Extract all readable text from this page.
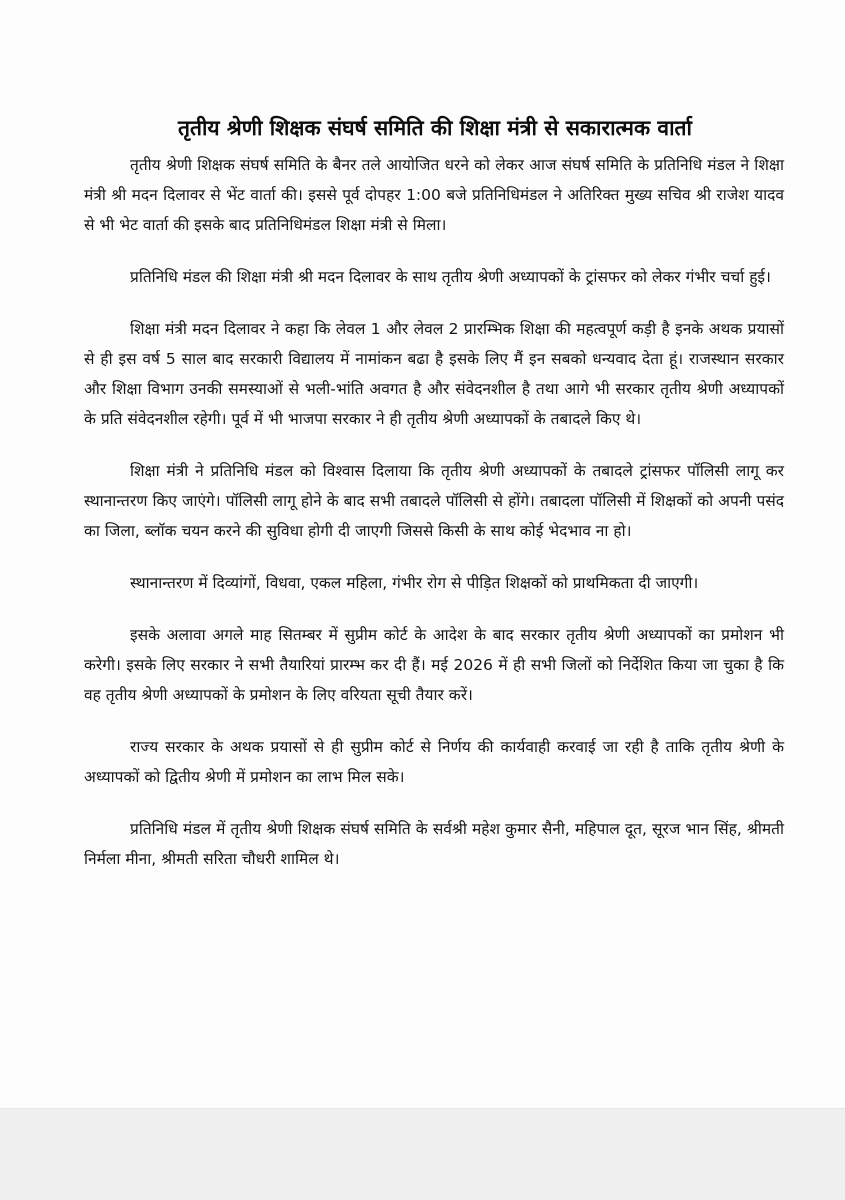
तृतीय श्रेणी शिक्षक संघर्ष समिति की शिक्षा मंत्री से सकारात्मक वार्ता

तृतीय श्रेणी शिक्षक संघर्ष समिति के बैनर तले आयोजित धरने को लेकर आज संघर्ष समिति के प्रतिनिधि मंडल ने शिक्षा मंत्री श्री मदन दिलावर से भेंट वार्ता की। इससे पूर्व दोपहर 1:00 बजे प्रतिनिधिमंडल ने अतिरिक्त मुख्य सचिव श्री राजेश यादव से भी भेट वार्ता की इसके बाद प्रतिनिधिमंडल शिक्षा मंत्री से मिला।

प्रतिनिधि मंडल की शिक्षा मंत्री श्री मदन दिलावर के साथ तृतीय श्रेणी अध्यापकों के ट्रांसफर को लेकर गंभीर चर्चा हुई।

शिक्षा मंत्री मदन दिलावर ने कहा कि लेवल 1 और लेवल 2 प्रारम्भिक शिक्षा की महत्वपूर्ण कड़ी है इनके अथक प्रयासों से ही इस वर्ष 5 साल बाद सरकारी विद्यालय में नामांकन बढा है इसके लिए मैं इन सबको धन्यवाद देता हूं। राजस्थान सरकार और शिक्षा विभाग उनकी समस्याओं से भली-भांति अवगत है और संवेदनशील है तथा आगे भी सरकार तृतीय श्रेणी अध्यापकों के प्रति संवेदनशील रहेगी। पूर्व में भी भाजपा सरकार ने ही तृतीय श्रेणी अध्यापकों के तबादले किए थे।

शिक्षा मंत्री ने प्रतिनिधि मंडल को विश्वास दिलाया कि तृतीय श्रेणी अध्यापकों के तबादले ट्रांसफर पॉलिसी लागू कर स्थानान्तरण किए जाएंगे। पॉलिसी लागू होने के बाद सभी तबादले पॉलिसी से होंगे। तबादला पॉलिसी में शिक्षकों को अपनी पसंद का जिला, ब्लॉक चयन करने की सुविधा होगी दी जाएगी जिससे किसी के साथ कोई भेदभाव ना हो।

स्थानान्तरण में दिव्यांगों, विधवा, एकल महिला, गंभीर रोग से पीड़ित शिक्षकों को प्राथमिकता दी जाएगी।

इसके अलावा अगले माह सितम्बर में सुप्रीम कोर्ट के आदेश के बाद सरकार तृतीय श्रेणी अध्यापकों का प्रमोशन भी करेगी। इसके लिए सरकार ने सभी तैयारियां प्रारम्भ कर दी हैं। मई 2026 में ही सभी जिलों को निर्देशित किया जा चुका है कि वह तृतीय श्रेणी अध्यापकों के प्रमोशन के लिए वरियता सूची तैयार करें।

राज्य सरकार के अथक प्रयासों से ही सुप्रीम कोर्ट से निर्णय की कार्यवाही करवाई जा रही है ताकि तृतीय श्रेणी के अध्यापकों को द्वितीय श्रेणी में प्रमोशन का लाभ मिल सके।

प्रतिनिधि मंडल में तृतीय श्रेणी शिक्षक संघर्ष समिति के सर्वश्री महेश कुमार सैनी, महिपाल दूत, सूरज भान सिंह, श्रीमती निर्मला मीना, श्रीमती सरिता चौधरी शामिल थे।
